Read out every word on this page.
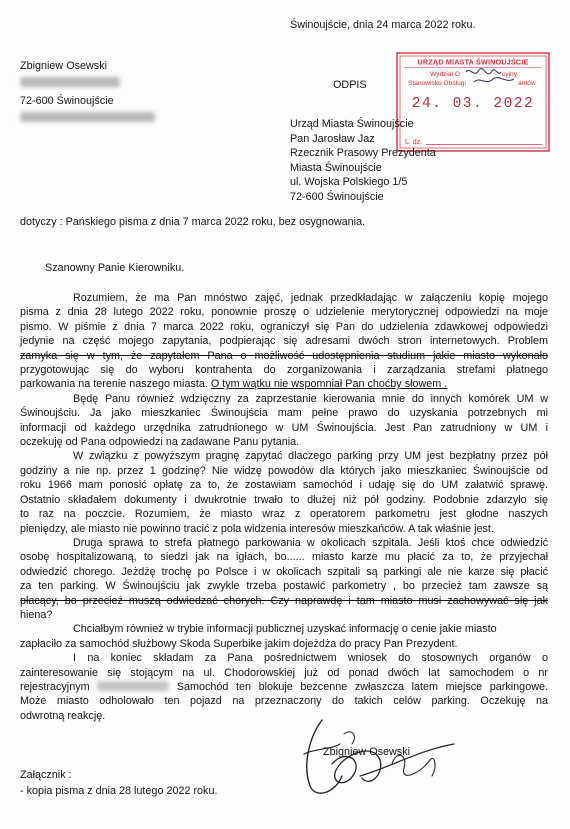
Świnoujście, dnia 24 marca 2022 roku.
Zbigniew Osewski
72-600 Świnoujście
ODPIS
URZĄD MIASTA ŚWINOUJŚCIE
Wydział O	cyjny
Stanowisko Obsługi	antów
24. 03. 2022
L. dz.
Urząd Miasta Świnoujście
Pan Jarosław Jaz
Rzecznik Prasowy Prezydenta
Miasta Świnoujście
ul. Wojska Polskiego 1/5
72-600 Świnoujście
dotyczy : Pańskiego pisma z dnia 7 marca 2022 roku, bez osygnowania.
Szanowny Panie Kierowniku.
Rozumiem, że ma Pan mnóstwo zajęć, jednak przedkładając w załączeniu kopię mojego
pisma z dnia 28 lutego 2022 roku, ponownie proszę o udzielenie merytorycznej odpowiedzi na moje
pismo. W piśmie z dnia 7 marca 2022 roku, ograniczył się Pan do udzielenia zdawkowej odpowiedzi
jedynie na część mojego zapytania, podpierając się adresami dwóch stron internetowych. Problem
zamyka się w tym, że zapytałem Pana o możliwość udostępnienia studium jakie miasto wykonało
przygotowując się do wyboru kontrahenta do zorganizowania i zarządzania strefami płatnego
parkowania na terenie naszego miasta. O tym wątku nie wspomniał Pan choćby słowem .
Będę Panu również wdzięczny za zaprzestanie kierowania mnie do innych komórek UM w
Świnoujściu. Ja jako mieszkaniec Świnoujścia mam pełne prawo do uzyskania potrzebnych mi
informacji od każdego urzędnika zatrudnionego w UM Świnoujścia. Jest Pan zatrudniony w UM i
oczekuję od Pana odpowiedzi na zadawane Panu pytania.
W związku z powyższym pragnę zapytać dlaczego parking przy UM jest bezpłatny przez pół
godziny a nie np. przez 1 godzinę? Nie widzę powodów dla których jako mieszkaniec Świnoujście od
roku 1966 mam ponosić opłatę za to, że zostawiam samochód i udaję się do UM załatwić sprawę.
Ostatnio składałem dokumenty i dwukrotnie trwało to dłużej niż pół godziny. Podobnie zdarzyło się
to raz na poczcie. Rozumiem, że miasto wraz z operatorem parkometru jest głodne naszych
pieniędzy, ale miasto nie powinno tracić z pola widzenia interesów mieszkańców. A tak właśnie jest.
Druga sprawa to strefa płatnego parkowania w okolicach szpitala. Jeśli ktoś chce odwiedzić
osobę hospitalizowaną, to siedzi jak na igłach, bo...... miasto karze mu płacić za to, że przyjechał
odwiedzić chorego. Jeżdżę trochę po Polsce i w okolicach szpitali są parkingi ale nie karze się płacić
za ten parking. W Świnoujściu jak zwykle trzeba postawić parkometry , bo przecież tam zawsze są
płacący, bo przecież muszą odwiedzać chorych. Czy naprawdę i tam miasto musi zachowywać się jak
hiena?
Chciałbym również w trybie informacji publicznej uzyskać informację o cenie jakie miasto
zapłaciło za samochód służbowy Skoda Superbike jakim dojeżdża do pracy Pan Prezydent.
I na koniec składam za Pana pośrednictwem wniosek do stosownych organów o
zainteresowanie się stojącym na ul. Chodorowskiej już od ponad dwóch lat samochodem o nr
rejestracyjnym	Samochód ten blokuje bezcenne zwłaszcza latem miejsce parkingowe.
Może miasto odholowało ten pojazd na przeznaczony do takich celów parking. Oczekuję na
odwrotną reakcję.
Zbigniew Osewski
Załącznik :
- kopia pisma z dnia 28 lutego 2022 roku.
